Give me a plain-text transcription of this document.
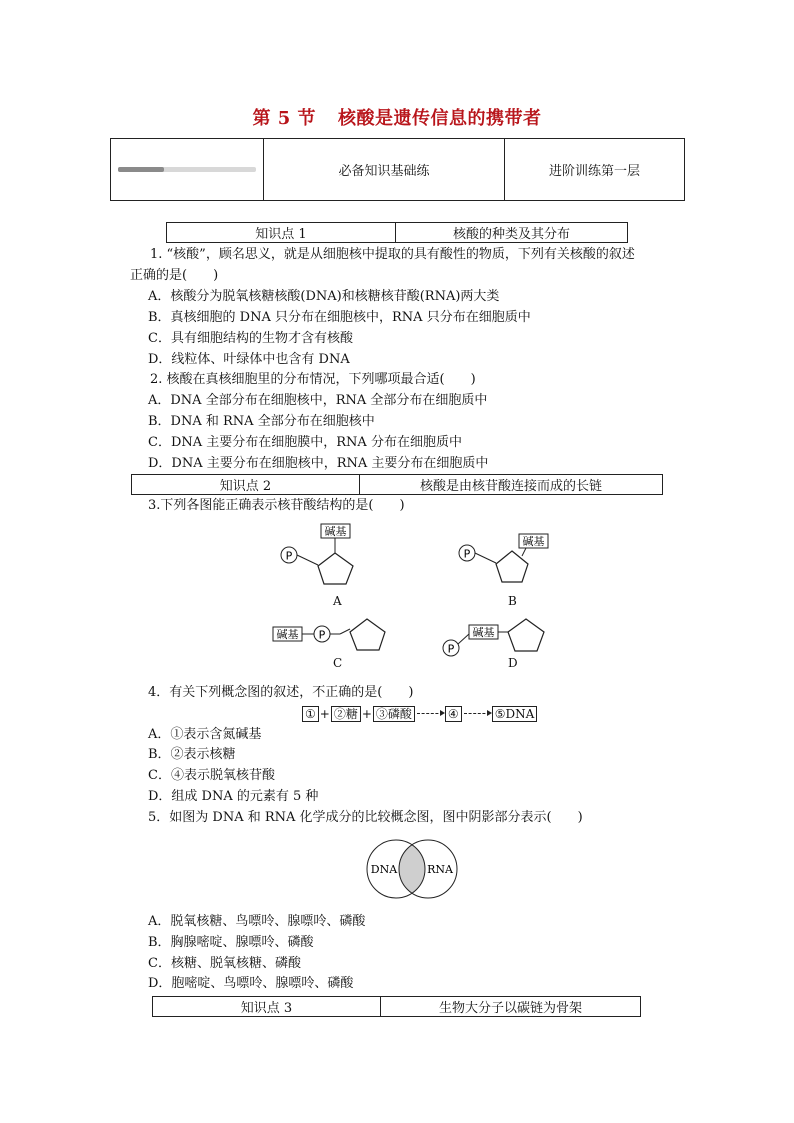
第 5 节 核酸是遗传信息的携带者
必备知识基础练	进阶训练第一层
知识点 1	核酸的种类及其分布
1. “核酸”，顾名思义，就是从细胞核中提取的具有酸性的物质，下列有关核酸的叙述
正确的是(　　)
A．核酸分为脱氧核糖核酸(DNA)和核糖核苷酸(RNA)两大类
B．真核细胞的 DNA 只分布在细胞核中，RNA 只分布在细胞质中
C．具有细胞结构的生物才含有核酸
D．线粒体、叶绿体中也含有 DNA
2. 核酸在真核细胞里的分布情况，下列哪项最合适(　　)
A．DNA 全部分布在细胞核中，RNA 全部分布在细胞质中
B．DNA 和 RNA 全部分布在细胞核中
C．DNA 主要分布在细胞膜中，RNA 分布在细胞质中
D．DNA 主要分布在细胞核中，RNA 主要分布在细胞质中
知识点 2	核酸是由核苷酸连接而成的长链
3.下列各图能正确表示核苷酸结构的是(　　)
P
碱基
A
P
碱基
B
碱基 P
C
P
碱基
D
4．有关下列概念图的叙述，不正确的是(　　)
① + ②糖 + ③磷酸	④	⑤DNA
A．①表示含氮碱基
B．②表示核糖
C．④表示脱氧核苷酸
D．组成 DNA 的元素有 5 种
5．如图为 DNA 和 RNA 化学成分的比较概念图，图中阴影部分表示(　　)
DNA	RNA
A．脱氧核糖、鸟嘌呤、腺嘌呤、磷酸
B．胸腺嘧啶、腺嘌呤、磷酸
C．核糖、脱氧核糖、磷酸
D．胞嘧啶、鸟嘌呤、腺嘌呤、磷酸
知识点 3	生物大分子以碳链为骨架
